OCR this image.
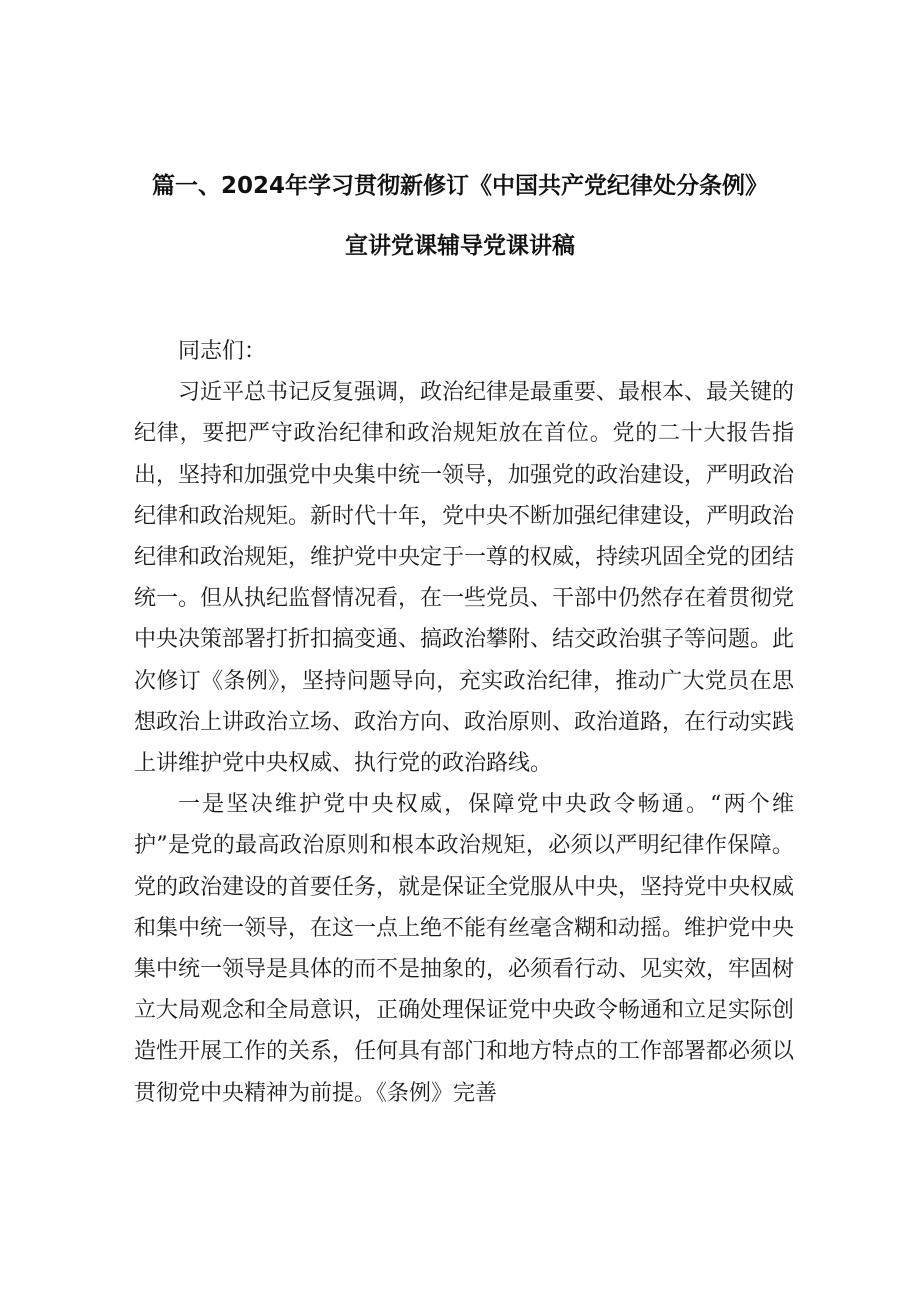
篇一、2024年学习贯彻新修订《中国共产党纪律处分条例》
宣讲党课辅导党课讲稿

同志们：

习近平总书记反复强调，政治纪律是最重要、最根本、最关键的纪律，要把严守政治纪律和政治规矩放在首位。党的二十大报告指出，坚持和加强党中央集中统一领导，加强党的政治建设，严明政治纪律和政治规矩。新时代十年，党中央不断加强纪律建设，严明政治纪律和政治规矩，维护党中央定于一尊的权威，持续巩固全党的团结统一。但从执纪监督情况看，在一些党员、干部中仍然存在着贯彻党中央决策部署打折扣搞变通、搞政治攀附、结交政治骐子等问题。此次修订《条例》，坚持问题导向，充实政治纪律，推动广大党员在思想政治上讲政治立场、政治方向、政治原则、政治道路，在行动实践上讲维护党中央权威、执行党的政治路线。

一是坚决维护党中央权威，保障党中央政令畅通。“两个维护”是党的最高政治原则和根本政治规矩，必须以严明纪律作保障。党的政治建设的首要任务，就是保证全党服从中央，坚持党中央权威和集中统一领导，在这一点上绝不能有丝毫含糊和动摇。维护党中央集中统一领导是具体的而不是抽象的，必须看行动、见实效，牢固树立大局观念和全局意识，正确处理保证党中央政令畅通和立足实际创造性开展工作的关系，任何具有部门和地方特点的工作部署都必须以贯彻党中央精神为前提。《条例》完善
